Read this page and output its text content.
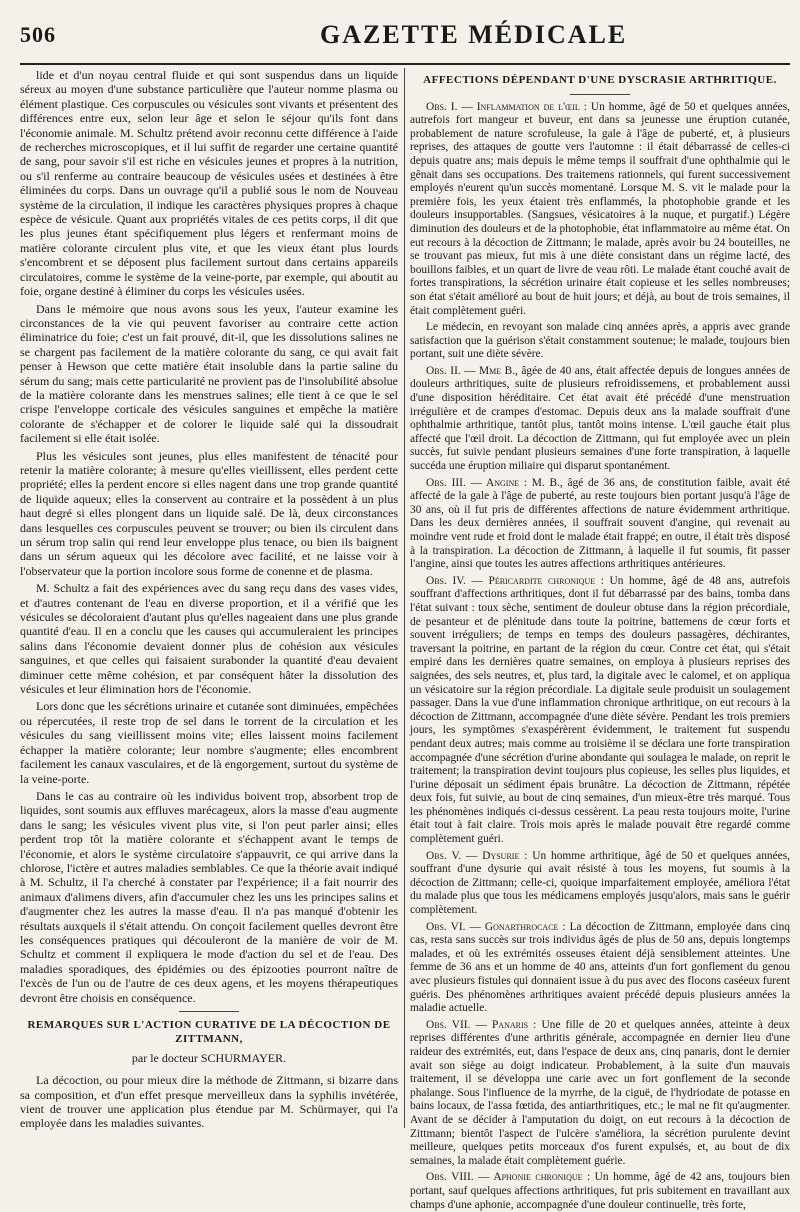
506	GAZETTE MÉDICALE

lide et d'un noyau central fluide et qui sont suspendus dans un liquide séreux au moyen d'une substance particulière que l'auteur nomme plasma ou élément plastique. Ces corpuscules ou vésicules sont vivants et présentent des différences entre eux, selon leur âge et selon le séjour qu'ils font dans l'économie animale. M. Schultz prétend avoir reconnu cette différence à l'aide de recherches microscopiques, et il lui suffit de regarder une certaine quantité de sang, pour savoir s'il est riche en vésicules jeunes et propres à la nutrition, ou s'il renferme au contraire beaucoup de vésicules usées et destinées à être éliminées du corps. Dans un ouvrage qu'il a publié sous le nom de Nouveau système de la circulation, il indique les caractères physiques propres à chaque espèce de vésicule. Quant aux propriétés vitales de ces petits corps, il dit que les plus jeunes étant spécifiquement plus légers et renfermant moins de matière colorante circulent plus vite, et que les vieux étant plus lourds s'encombrent et se déposent plus facilement surtout dans certains appareils circulatoires, comme le système de la veine-porte, par exemple, qui aboutit au foie, organe destiné à éliminer du corps les vésicules usées.

Dans le mémoire que nous avons sous les yeux, l'auteur examine les circonstances de la vie qui peuvent favoriser au contraire cette action éliminatrice du foie; c'est un fait prouvé, dit-il, que les dissolutions salines ne se chargent pas facilement de la matière colorante du sang, ce qui avait fait penser à Hewson que cette matière était insoluble dans la partie saline du sérum du sang; mais cette particularité ne provient pas de l'insolubilité absolue de la matière colorante dans les menstrues salines; elle tient à ce que le sel crispe l'enveloppe corticale des vésicules sanguines et empêche la matière colorante de s'échapper et de colorer le liquide salé qui la dissoudrait facilement si elle était isolée.

Plus les vésicules sont jeunes, plus elles manifestent de ténacité pour retenir la matière colorante; à mesure qu'elles vieillissent, elles perdent cette propriété; elles la perdent encore si elles nagent dans une trop grande quantité de liquide aqueux; elles la conservent au contraire et la possèdent à un plus haut degré si elles plongent dans un liquide salé. De là, deux circonstances dans lesquelles ces corpuscules peuvent se trouver; ou bien ils circulent dans un sérum trop salin qui rend leur enveloppe plus tenace, ou bien ils baignent dans un sérum aqueux qui les décolore avec facilité, et ne laisse voir à l'observateur que la portion incolore sous forme de conenne et de plasma.

M. Schultz a fait des expériences avec du sang reçu dans des vases vides, et d'autres contenant de l'eau en diverse proportion, et il a vérifié que les vésicules se décoloraient d'autant plus qu'elles nageaient dans une plus grande quantité d'eau. Il en a conclu que les causes qui accumuleraient les principes salins dans l'économie devaient donner plus de cohésion aux vésicules sanguines, et que celles qui faisaient surabonder la quantité d'eau devaient diminuer cette même cohésion, et par conséquent hâter la dissolution des vésicules et leur élimination hors de l'économie.

Lors donc que les sécrétions urinaire et cutanée sont diminuées, empêchées ou répercutées, il reste trop de sel dans le torrent de la circulation et les vésicules du sang vieillissent moins vite; elles laissent moins facilement échapper la matière colorante; leur nombre s'augmente; elles encombrent facilement les canaux vasculaires, et de là engorgement, surtout du système de la veine-porte.

Dans le cas au contraire où les individus boivent trop, absorbent trop de liquides, sont soumis aux effluves marécageux, alors la masse d'eau augmente dans le sang; les vésicules vivent plus vite, si l'on peut parler ainsi; elles perdent trop tôt la matière colorante et s'échappent avant le temps de l'économie, et alors le système circulatoire s'appauvrit, ce qui arrive dans la chlorose, l'ictère et autres maladies semblables. Ce que la théorie avait indiqué à M. Schultz, il l'a cherché à constater par l'expérience; il a fait nourrir des animaux d'alimens divers, afin d'accumuler chez les uns les principes salins et d'augmenter chez les autres la masse d'eau. Il n'a pas manqué d'obtenir les résultats auxquels il s'était attendu. On conçoit facilement quelles devront être les conséquences pratiques qui découleront de la manière de voir de M. Schultz et comment il expliquera le mode d'action du sel et de l'eau. Des maladies sporadiques, des épidémies ou des épizooties pourront naître de l'excès de l'un ou de l'autre de ces deux agens, et les moyens thérapeutiques devront être choisis en conséquence.

REMARQUES SUR L'ACTION CURATIVE DE LA DÉCOCTION DE ZITTMANN,

par le docteur SCHURMAYER.

La décoction, ou pour mieux dire la méthode de Zittmann, si bizarre dans sa composition, et d'un effet presque merveilleux dans la syphilis invétérée, vient de trouver une application plus étendue par M. Schürmayer, qui l'a employée dans les maladies suivantes.

AFFECTIONS DÉPENDANT D'UNE DYSCRASIE ARTHRITIQUE.

Obs. I. — Inflammation de l'œil : Un homme, âgé de 50 et quelques années, autrefois fort mangeur et buveur, ent dans sa jeunesse une éruption cutanée, probablement de nature scrofuleuse, la gale à l'âge de puberté, et, à plusieurs reprises, des attaques de goutte vers l'automne : il était débarrassé de celles-ci depuis quatre ans; mais depuis le même temps il souffrait d'une ophthalmie qui le gênait dans ses occupations. Des traitemens rationnels, qui furent successivement employés n'eurent qu'un succès momentané. Lorsque M. S. vit le malade pour la première fois, les yeux étaient très enflammés, la photophobie grande et les douleurs insupportables. (Sangsues, vésicatoires à la nuque, et purgatif.) Légère diminution des douleurs et de la photophobie, état inflammatoire au même état. On eut recours à la décoction de Zittmann; le malade, après avoir bu 24 bouteilles, ne se trouvant pas mieux, fut mis à une diète consistant dans un régime lacté, des bouillons faibles, et un quart de livre de veau rôti. Le malade étant couché avait de fortes transpirations, la sécrétion urinaire était copieuse et les selles nombreuses; son état s'était amélioré au bout de huit jours; et déjà, au bout de trois semaines, il était complètement guéri.

Le médecin, en revoyant son malade cinq années après, a appris avec grande satisfaction que la guérison s'était constamment soutenue; le malade, toujours bien portant, suit une diète sévère.

Obs. II. — Mme B., âgée de 40 ans, était affectée depuis de longues années de douleurs arthritiques, suite de plusieurs refroidissemens, et probablement aussi d'une disposition héréditaire. Cet état avait été précédé d'une menstruation irrégulière et de crampes d'estomac. Depuis deux ans la malade souffrait d'une ophthalmie arthritique, tantôt plus, tantôt moins intense. L'œil gauche était plus affecté que l'œil droit. La décoction de Zittmann, qui fut employée avec un plein succès, fut suivie pendant plusieurs semaines d'une forte transpiration, à laquelle succéda une éruption miliaire qui disparut spontanément.

Obs. III. — Angine : M. B., âgé de 36 ans, de constitution faible, avait été affecté de la gale à l'âge de puberté, au reste toujours bien portant jusqu'à l'âge de 30 ans, où il fut pris de différentes affections de nature évidemment arthritique. Dans les deux dernières années, il souffrait souvent d'angine, qui revenait au moindre vent rude et froid dont le malade était frappé; en outre, il était très disposé à la transpiration. La décoction de Zittmann, à laquelle il fut soumis, fit passer l'angine, ainsi que toutes les autres affections arthritiques antérieures.

Obs. IV. — Péricardite chronique : Un homme, âgé de 48 ans, autrefois souffrant d'affections arthritiques, dont il fut débarrassé par des bains, tomba dans l'état suivant : toux sèche, sentiment de douleur obtuse dans la région précordiale, de pesanteur et de plénitude dans toute la poitrine, battemens de cœur forts et souvent irréguliers; de temps en temps des douleurs passagères, déchirantes, traversant la poitrine, en partant de la région du cœur. Contre cet état, qui s'était empiré dans les dernières quatre semaines, on employa à plusieurs reprises des saignées, des sels neutres, et, plus tard, la digitale avec le calomel, et on appliqua un vésicatoire sur la région précordiale. La digitale seule produisit un soulagement passager. Dans la vue d'une inflammation chronique arthritique, on eut recours à la décoction de Zittmann, accompagnée d'une diète sévère. Pendant les trois premiers jours, les symptômes s'exaspérèrent évidemment, le traitement fut suspendu pendant deux autres; mais comme au troisième il se déclara une forte transpiration accompagnée d'une sécrétion d'urine abondante qui soulagea le malade, on reprit le traitement; la transpiration devint toujours plus copieuse, les selles plus liquides, et l'urine déposait un sédiment épais brunâtre. La décoction de Zittmann, répétée deux fois, fut suivie, au bout de cinq semaines, d'un mieux-être très marqué. Tous les phénomènes indiqués ci-dessus cessèrent. La peau resta toujours moite, l'urine était tout à fait claire. Trois mois après le malade pouvait être regardé comme complètement guéri.

Obs. V. — Dysurie : Un homme arthritique, âgé de 50 et quelques années, souffrant d'une dysurie qui avait résisté à tous les moyens, fut soumis à la décoction de Zittmann; celle-ci, quoique imparfaitement employée, améliora l'état du malade plus que tous les médicamens employés jusqu'alors, mais sans le guérir complètement.

Obs. VI. — Gonarthrocace : La décoction de Zittmann, employée dans cinq cas, resta sans succès sur trois individus âgés de plus de 50 ans, depuis longtemps malades, et où les extrémités osseuses étaient déjà sensiblement atteintes. Une femme de 36 ans et un homme de 40 ans, atteints d'un fort gonflement du genou avec plusieurs fistules qui donnaient issue à du pus avec des flocons caséeux furent guéris. Des phénomènes arthritiques avaient précédé depuis plusieurs années la maladie actuelle.

Obs. VII. — Panaris : Une fille de 20 et quelques années, atteinte à deux reprises différentes d'une arthritis générale, accompagnée en dernier lieu d'une raideur des extrémités, eut, dans l'espace de deux ans, cinq panaris, dont le dernier avait son siège au doigt indicateur. Probablement, à la suite d'un mauvais traitement, il se développa une carie avec un fort gonflement de la seconde phalange. Sous l'influence de la myrrhe, de la ciguë, de l'hydriodate de potasse en bains locaux, de l'assa fœtida, des antiarthritiques, etc.; le mal ne fit qu'augmenter. Avant de se décider à l'amputation du doigt, on eut recours à la décoction de Zittmann; bientôt l'aspect de l'ulcère s'améliora, la sécrétion purulente devint meilleure, quelques petits morceaux d'os furent expulsés, et, au bout de dix semaines, la malade était complètement guérie.

Obs. VIII. — Aphonie chronique : Un homme, âgé de 42 ans, toujours bien portant, sauf quelques affections arthritiques, fut pris subitement en travaillant aux champs d'une aphonie, accompagnée d'une douleur continuelle, très forte,
